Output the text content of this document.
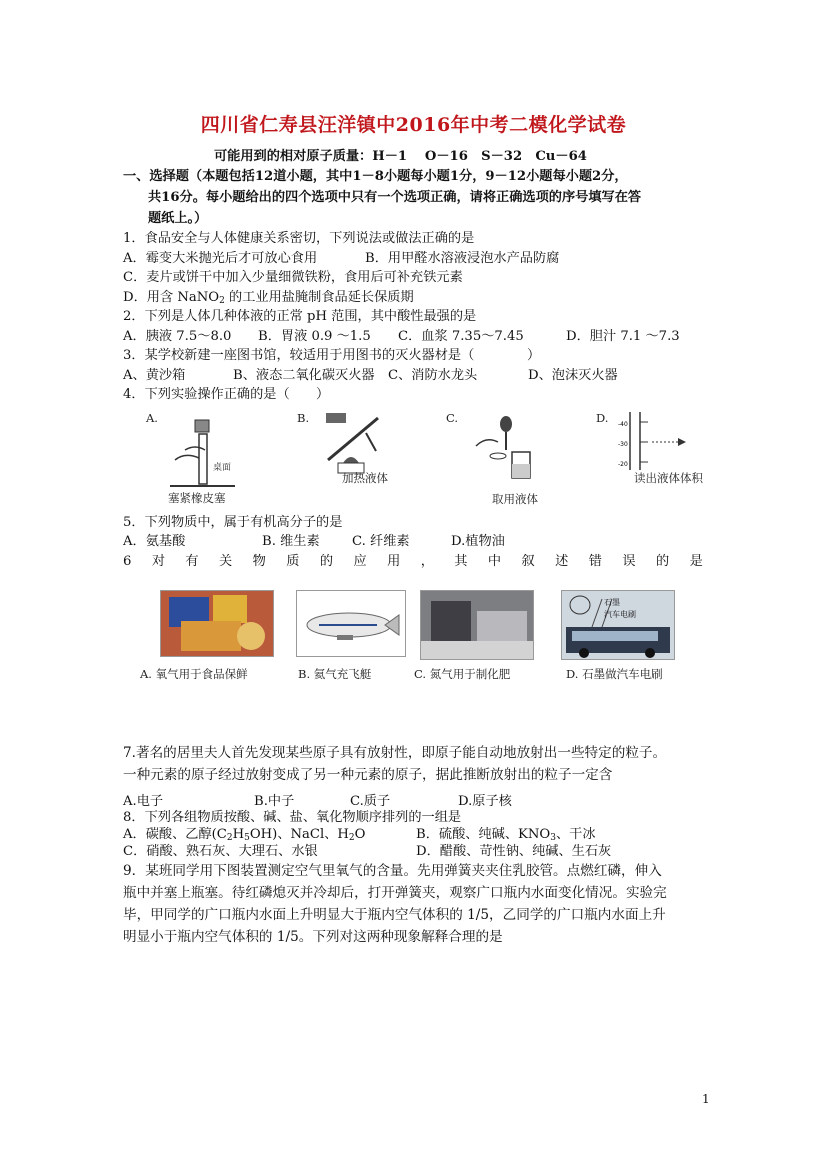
四川省仁寿县汪洋镇中2016年中考二模化学试卷
可能用到的相对原子质量：H－1　 O－16　S－32　Cu－64
一、选择题（本题包括12道小题，其中1－8小题每小题1分，9－12小题每小题2分，
共16分。每小题给出的四个选项中只有一个选项正确，请将正确选项的序号填写在答
题纸上。）
1．食品安全与人体健康关系密切，下列说法或做法正确的是
A．霉变大米抛光后才可放心食用	B．用甲醛水溶液浸泡水产品防腐
C．麦片或饼干中加入少量细微铁粉，食用后可补充铁元素
D．用含 NaNO$_2$ 的工业用盐腌制食品延长保质期
2．下列是人体几种体液的正常 pH 范围，其中酸性最强的是
A．胰液 7.5～8.0 B．胃液 0.9 ～1.5 C．血浆 7.35～7.45	D．胆汁 7.1 ～7.3
3．某学校新建一座图书馆，较适用于用图书的灭火器材是（　　　　）
A、黄沙箱	B、液态二氧化碳灭火器 C、消防水龙头	D、泡沫灭火器
4．下列实验操作正确的是（　　）
A.
桌面
塞紧橡皮塞
B.
加热液体
C.
取用液体
D. -40
-30
-20
读出液体体积
5．下列物质中，属于有机高分子的是
A．氨基酸	B. 维生素 C. 纤维素	D.植物油
6 对 有 关 物 质 的 应 用 ， 其 中 叙 述 错 误 的 是
石墨
汽车电刷
A. 氧气用于食品保鲜	B. 氦气充飞艇	C. 氮气用于制化肥	D. 石墨做汽车电刷
7.著名的居里夫人首先发现某些原子具有放射性，即原子能自动地放射出一些特定的粒子。
一种元素的原子经过放射变成了另一种元素的原子，据此推断放射出的粒子一定含
A.电子	B.中子	C.质子	D.原子核
8．下列各组物质按酸、碱、盐、氧化物顺序排列的一组是
A．碳酸、乙醇$(C_2H_5OH)$、NaCl、$H_2O$	B．硫酸、纯碱、$KNO_3$、干冰
C．硝酸、熟石灰、大理石、水银	D．醋酸、苛性钠、纯碱、生石灰
9．某班同学用下图装置测定空气里氧气的含量。先用弹簧夹夹住乳胶管。点燃红磷，伸入
瓶中并塞上瓶塞。待红磷熄灭并冷却后，打开弹簧夹，观察广口瓶内水面变化情况。实验完
毕，甲同学的广口瓶内水面上升明显大于瓶内空气体积的 1/5，乙同学的广口瓶内水面上升
明显小于瓶内空气体积的 1/5。下列对这两种现象解释合理的是
1
